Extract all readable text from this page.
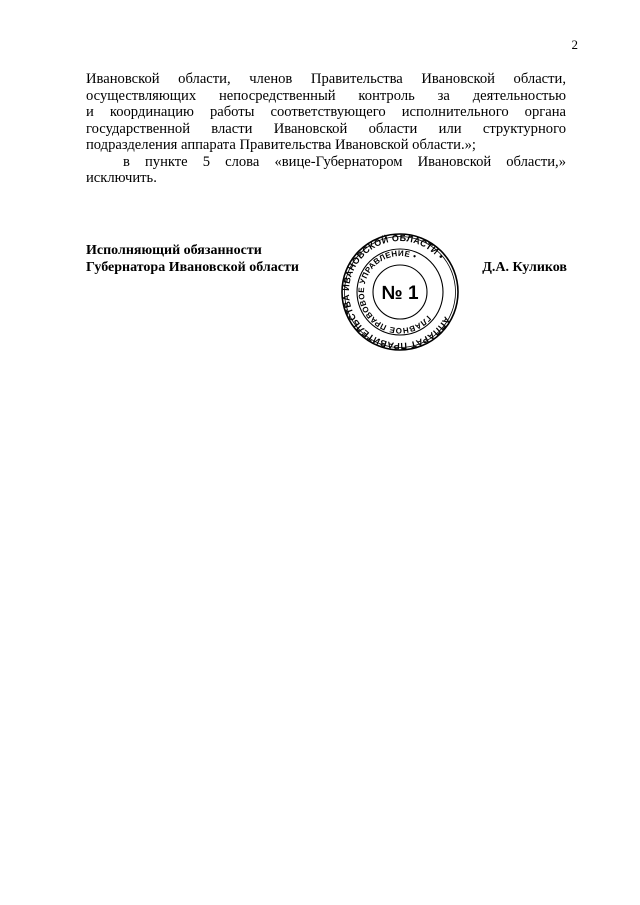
2
Ивановской области, членов Правительства Ивановской области,
осуществляющих непосредственный контроль за деятельностью
и координацию работы соответствующего исполнительного органа
государственной власти Ивановской области или структурного
подразделения аппарата Правительства Ивановской области.»;
в пункте 5 слова «вице-Губернатором Ивановской области,»
исключить.
Исполняющий обязанности
Губернатора Ивановской области
АППАРАТ ПРАВИТЕЛЬСТВА ИВАНОВСКОЙ ОБЛАСТИ •
ГЛАВНОЕ ПРАВОВОЕ УПРАВЛЕНИЕ •
№ 1
Д.А. Куликов
